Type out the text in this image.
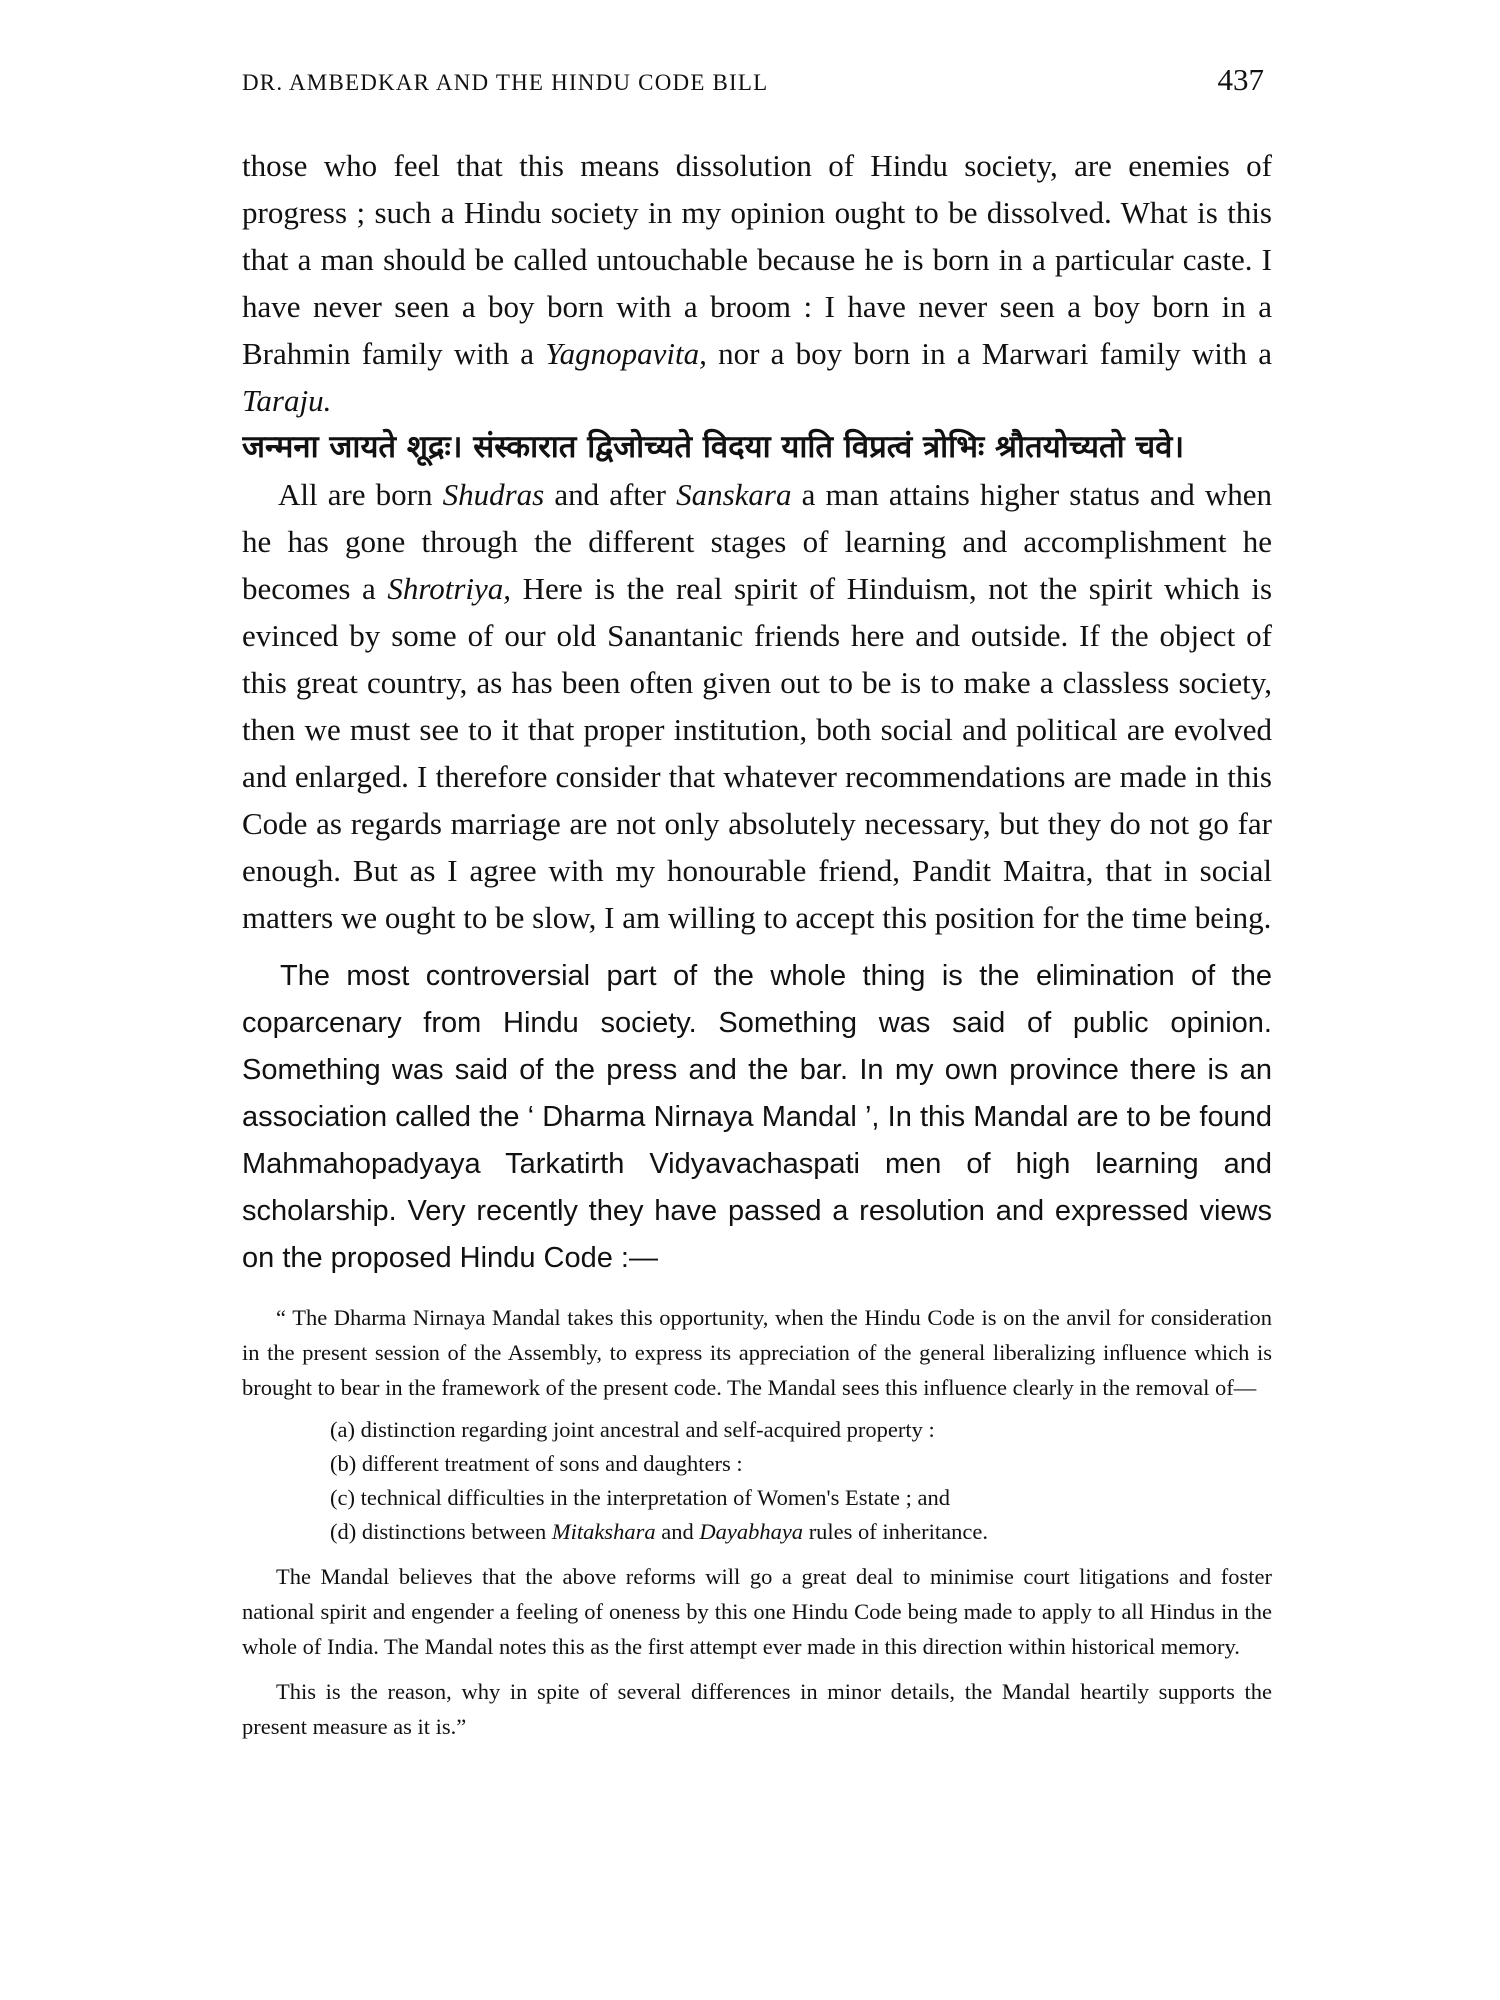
DR. AMBEDKAR AND THE HINDU CODE BILL	437

those who feel that this means dissolution of Hindu society, are enemies of progress ; such a Hindu society in my opinion ought to be dissolved. What is this that a man should be called untouchable because he is born in a particular caste. I have never seen a boy born with a broom : I have never seen a boy born in a Brahmin family with a Yagnopavita, nor a boy born in a Marwari family with a Taraju.

जन्मना जायते शूद्रः। संस्कारात द्विजोच्यते विदया याति विप्रत्वं त्रोभिः श्रौतयोच्यतो चवे।

All are born Shudras and after Sanskara a man attains higher status and when he has gone through the different stages of learning and accomplishment he becomes a Shrotriya, Here is the real spirit of Hinduism, not the spirit which is evinced by some of our old Sanantanic friends here and outside. If the object of this great country, as has been often given out to be is to make a classless society, then we must see to it that proper institution, both social and political are evolved and enlarged. I therefore consider that whatever recommendations are made in this Code as regards marriage are not only absolutely necessary, but they do not go far enough. But as I agree with my honourable friend, Pandit Maitra, that in social matters we ought to be slow, I am willing to accept this position for the time being.

The most controversial part of the whole thing is the elimination of the coparcenary from Hindu society. Something was said of public opinion. Something was said of the press and the bar. In my own province there is an association called the ‘ Dharma Nirnaya Mandal ’, In this Mandal are to be found Mahmahopadyaya Tarkatirth Vidyavachaspati men of high learning and scholarship. Very recently they have passed a resolution and expressed views on the proposed Hindu Code :—

“ The Dharma Nirnaya Mandal takes this opportunity, when the Hindu Code is on the anvil for consideration in the present session of the Assembly, to express its appreciation of the general liberalizing influence which is brought to bear in the framework of the present code. The Mandal sees this influence clearly in the removal of—

(a) distinction regarding joint ancestral and self-acquired property :
(b) different treatment of sons and daughters :
(c) technical difficulties in the interpretation of Women's Estate ; and
(d) distinctions between Mitakshara and Dayabhaya rules of inheritance.

The Mandal believes that the above reforms will go a great deal to minimise court litigations and foster national spirit and engender a feeling of oneness by this one Hindu Code being made to apply to all Hindus in the whole of India. The Mandal notes this as the first attempt ever made in this direction within historical memory.

This is the reason, why in spite of several differences in minor details, the Mandal heartily supports the present measure as it is.”
